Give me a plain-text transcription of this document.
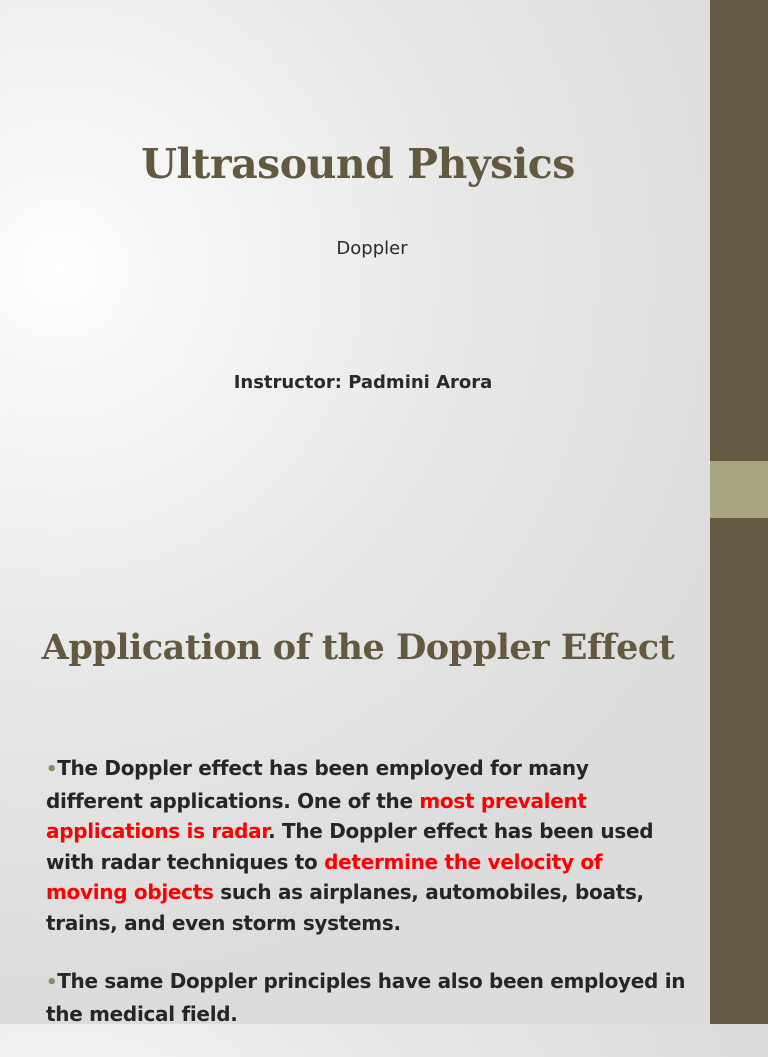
Ultrasound Physics
Doppler
Instructor: Padmini Arora
Application of the Doppler Effect

•The Doppler effect has been employed for many different applications. One of the most prevalent applications is radar. The Doppler effect has been used with radar techniques to determine the velocity of moving objects such as airplanes, automobiles, boats, trains, and even storm systems.

•The same Doppler principles have also been employed in the medical field.
